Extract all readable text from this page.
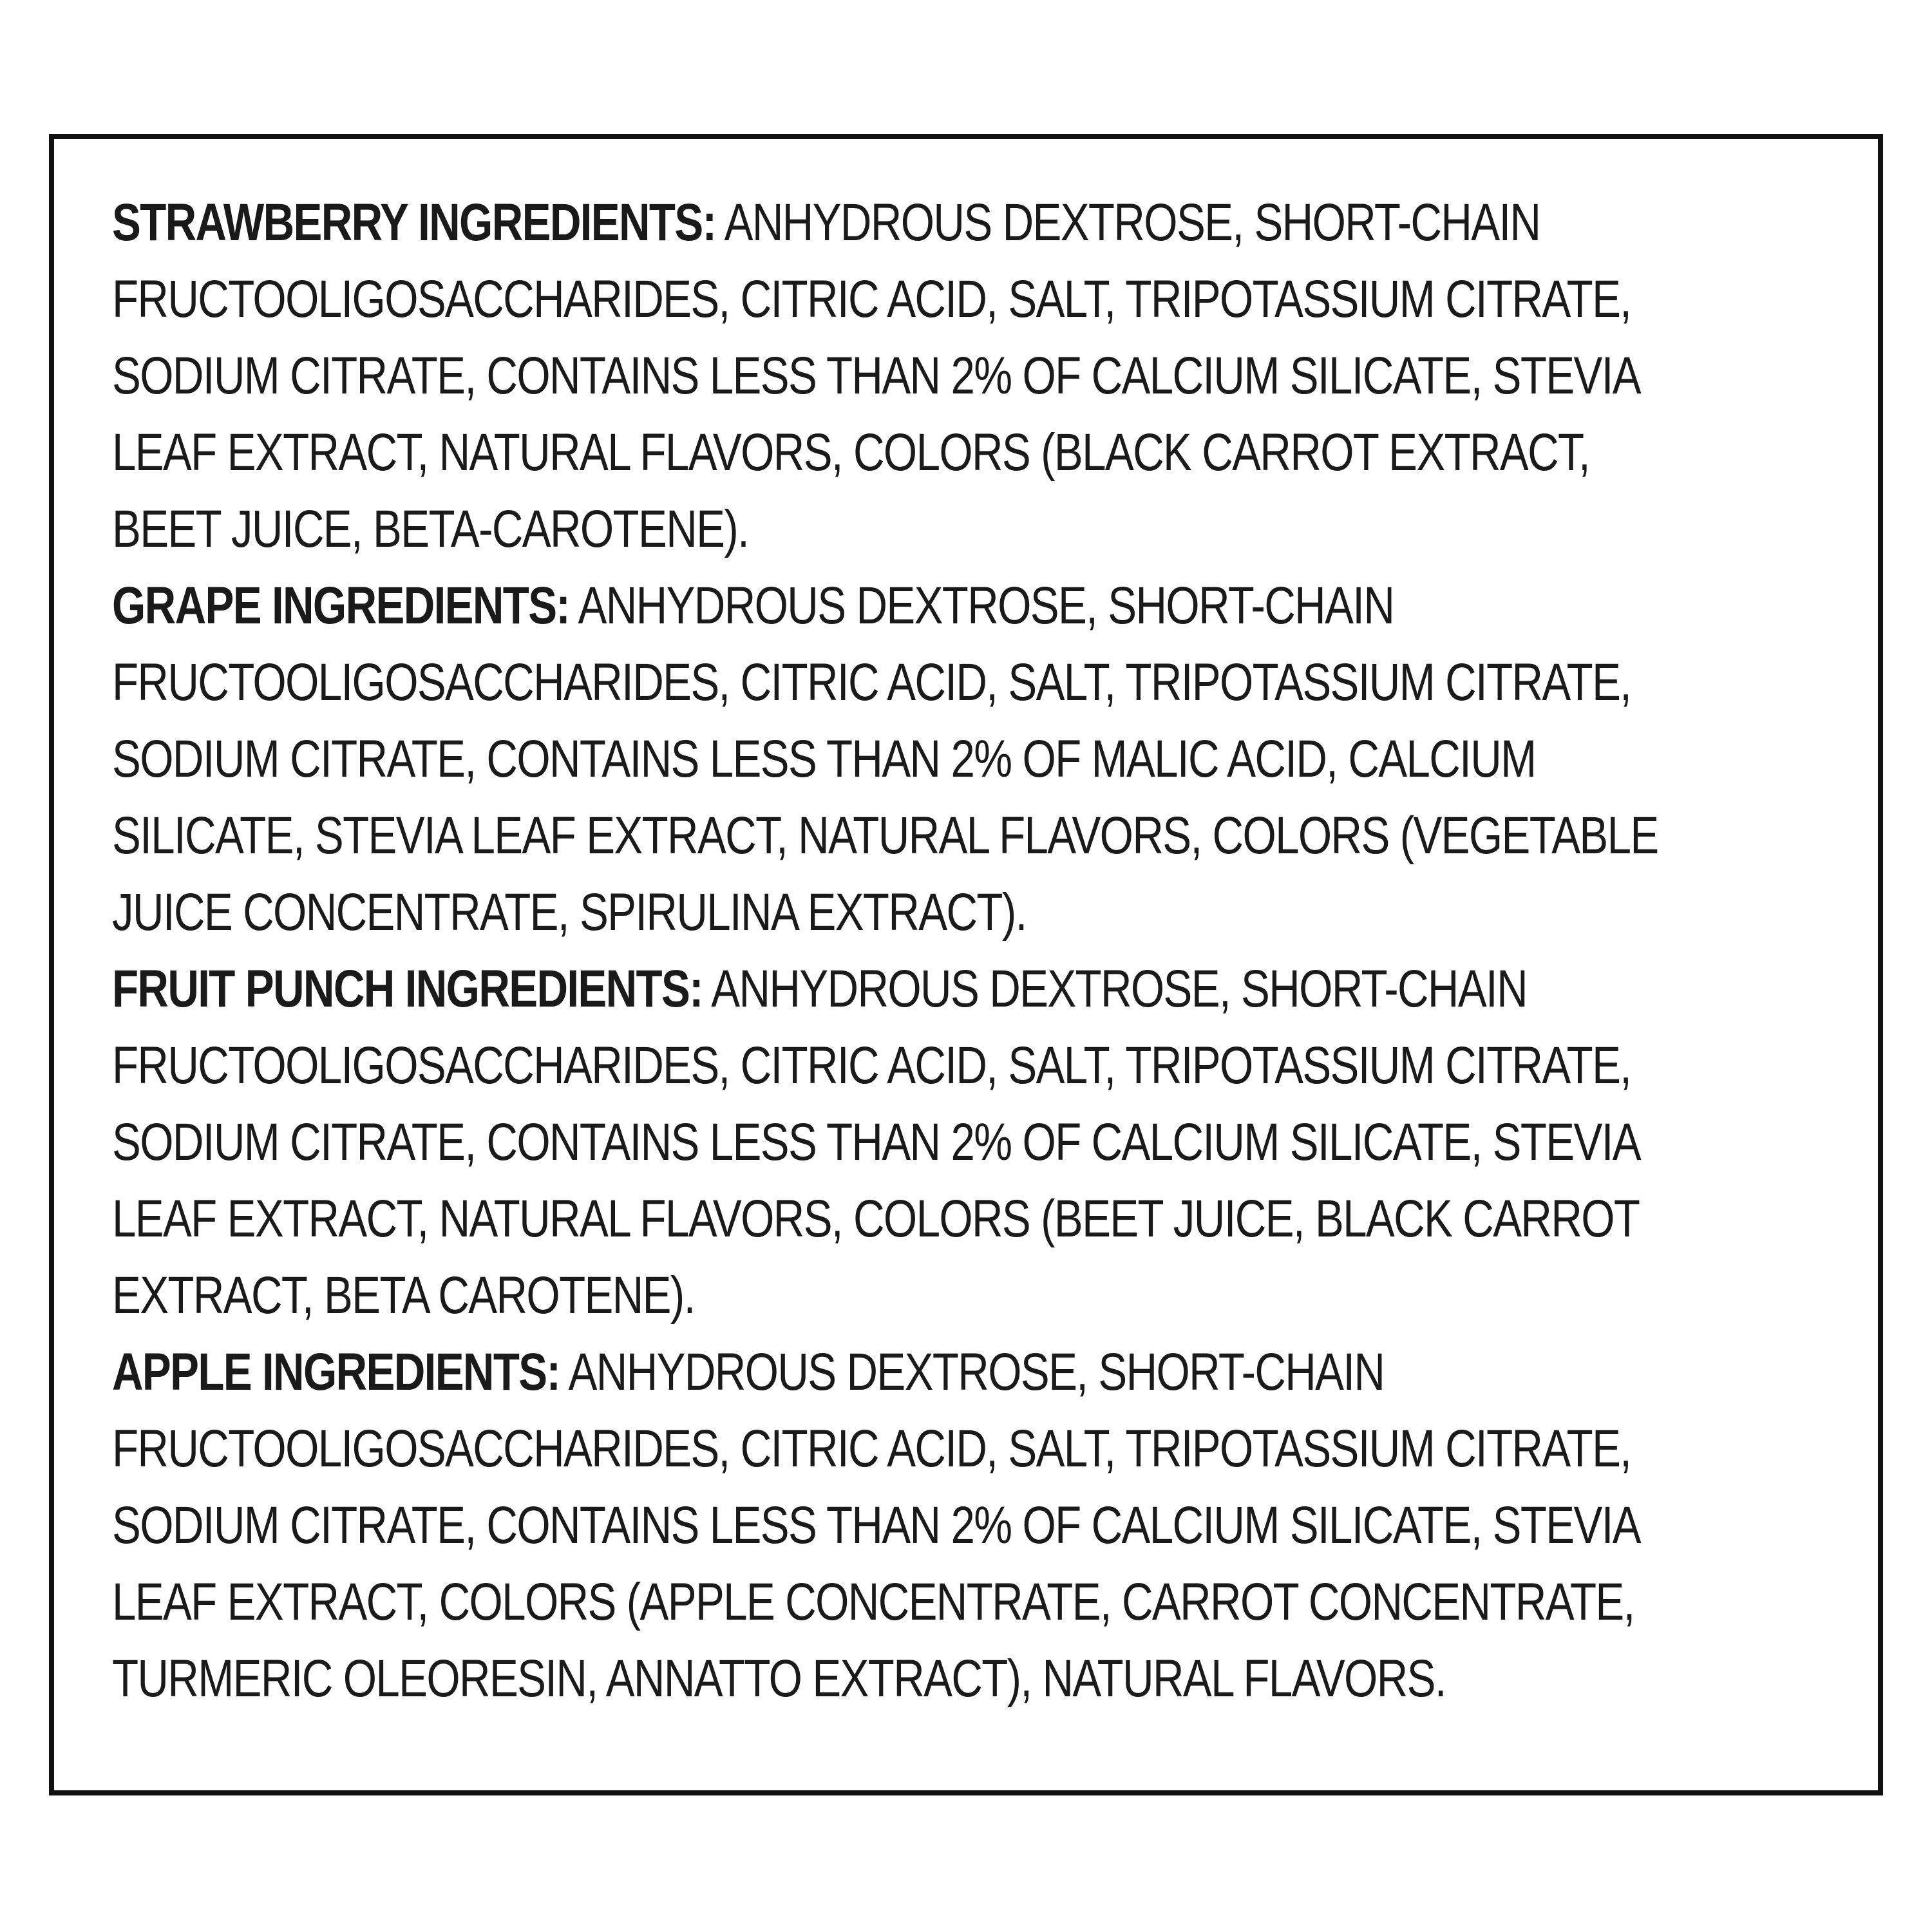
STRAWBERRY INGREDIENTS: ANHYDROUS DEXTROSE, SHORT-CHAIN
FRUCTOOLIGOSACCHARIDES, CITRIC ACID, SALT, TRIPOTASSIUM CITRATE,
SODIUM CITRATE, CONTAINS LESS THAN 2% OF CALCIUM SILICATE, STEVIA
LEAF EXTRACT, NATURAL FLAVORS, COLORS (BLACK CARROT EXTRACT,
BEET JUICE, BETA-CAROTENE).
GRAPE INGREDIENTS: ANHYDROUS DEXTROSE, SHORT-CHAIN
FRUCTOOLIGOSACCHARIDES, CITRIC ACID, SALT, TRIPOTASSIUM CITRATE,
SODIUM CITRATE, CONTAINS LESS THAN 2% OF MALIC ACID, CALCIUM
SILICATE, STEVIA LEAF EXTRACT, NATURAL FLAVORS, COLORS (VEGETABLE
JUICE CONCENTRATE, SPIRULINA EXTRACT).
FRUIT PUNCH INGREDIENTS: ANHYDROUS DEXTROSE, SHORT-CHAIN
FRUCTOOLIGOSACCHARIDES, CITRIC ACID, SALT, TRIPOTASSIUM CITRATE,
SODIUM CITRATE, CONTAINS LESS THAN 2% OF CALCIUM SILICATE, STEVIA
LEAF EXTRACT, NATURAL FLAVORS, COLORS (BEET JUICE, BLACK CARROT
EXTRACT, BETA CAROTENE).
APPLE INGREDIENTS: ANHYDROUS DEXTROSE, SHORT-CHAIN
FRUCTOOLIGOSACCHARIDES, CITRIC ACID, SALT, TRIPOTASSIUM CITRATE,
SODIUM CITRATE, CONTAINS LESS THAN 2% OF CALCIUM SILICATE, STEVIA
LEAF EXTRACT, COLORS (APPLE CONCENTRATE, CARROT CONCENTRATE,
TURMERIC OLEORESIN, ANNATTO EXTRACT), NATURAL FLAVORS.
